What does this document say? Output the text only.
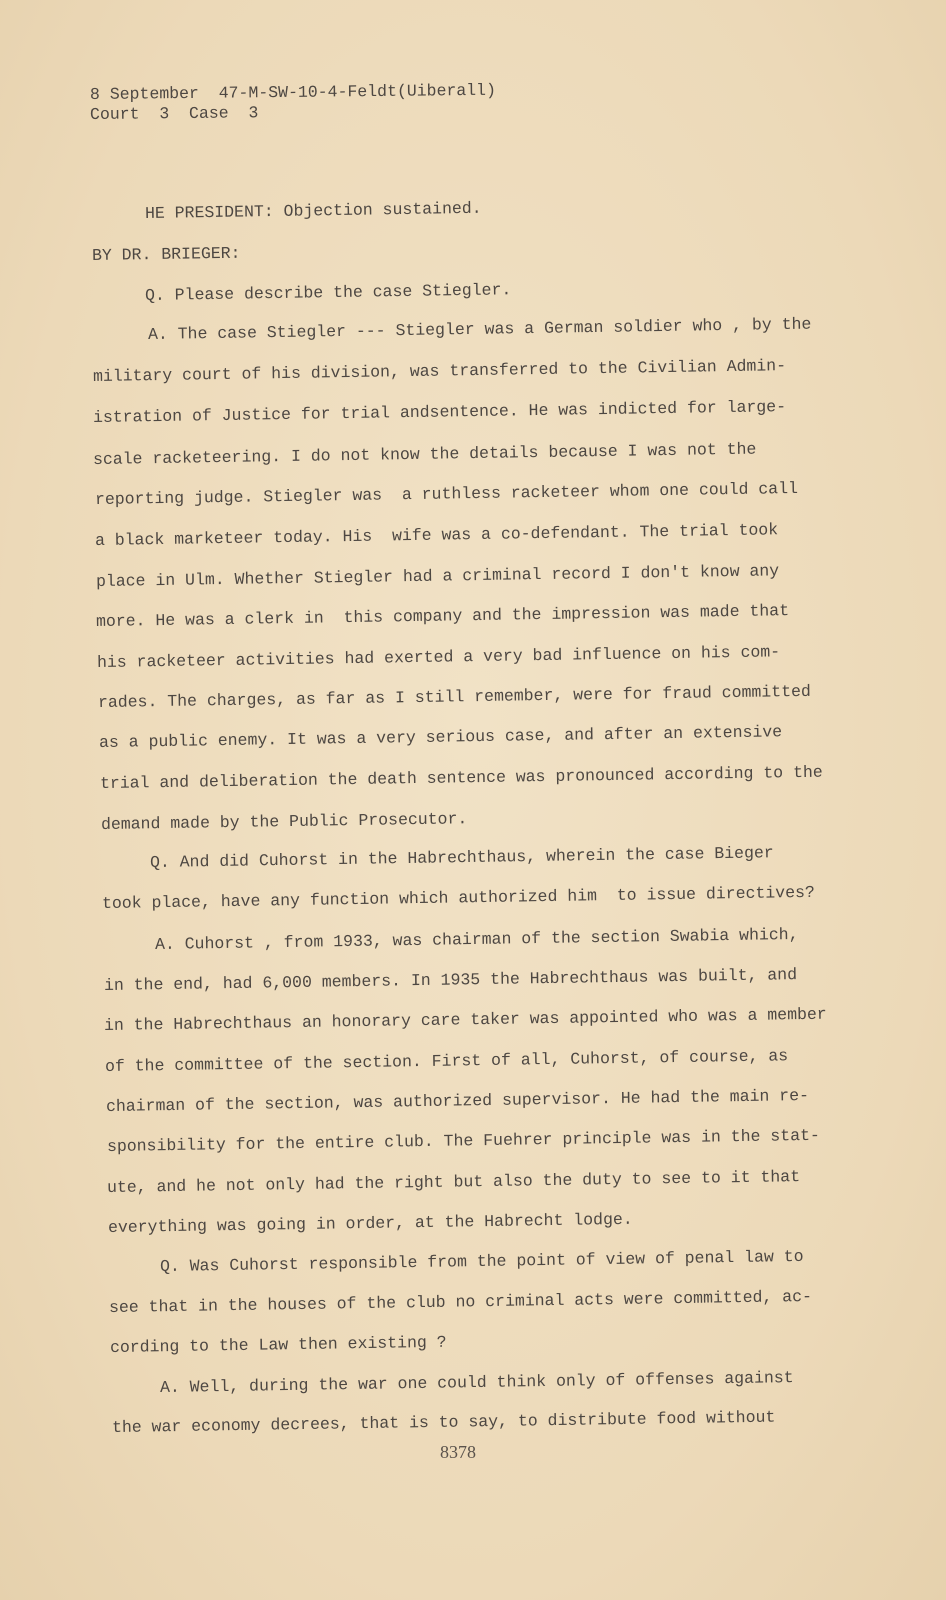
8 September  47-M-SW-10-4-Feldt(Uiberall)
Court  3  Case  3
HE PRESIDENT: Objection sustained.
BY DR. BRIEGER:
Q. Please describe the case Stiegler.
A. The case Stiegler --- Stiegler was a German soldier who , by the
military court of his division, was transferred to the Civilian Admin-
istration of Justice for trial andsentence. He was indicted for large-
scale racketeering. I do not know the details because I was not the
reporting judge. Stiegler was  a ruthless racketeer whom one could call
a black marketeer today. His  wife was a co-defendant. The trial took
place in Ulm. Whether Stiegler had a criminal record I don't know any
more. He was a clerk in  this company and the impression was made that
his racketeer activities had exerted a very bad influence on his com-
rades. The charges, as far as I still remember, were for fraud committed
as a public enemy. It was a very serious case, and after an extensive
trial and deliberation the death sentence was pronounced according to the
demand made by the Public Prosecutor.
Q. And did Cuhorst in the Habrechthaus, wherein the case Bieger
took place, have any function which authorized him  to issue directives?
A. Cuhorst , from 1933, was chairman of the section Swabia which,
in the end, had 6,000 members. In 1935 the Habrechthaus was built, and
in the Habrechthaus an honorary care taker was appointed who was a member
of the committee of the section. First of all, Cuhorst, of course, as
chairman of the section, was authorized supervisor. He had the main re-
sponsibility for the entire club. The Fuehrer principle was in the stat-
ute, and he not only had the right but also the duty to see to it that
everything was going in order, at the Habrecht lodge.
Q. Was Cuhorst responsible from the point of view of penal law to
see that in the houses of the club no criminal acts were committed, ac-
cording to the Law then existing ?
A. Well, during the war one could think only of offenses against
the war economy decrees, that is to say, to distribute food without
8378
